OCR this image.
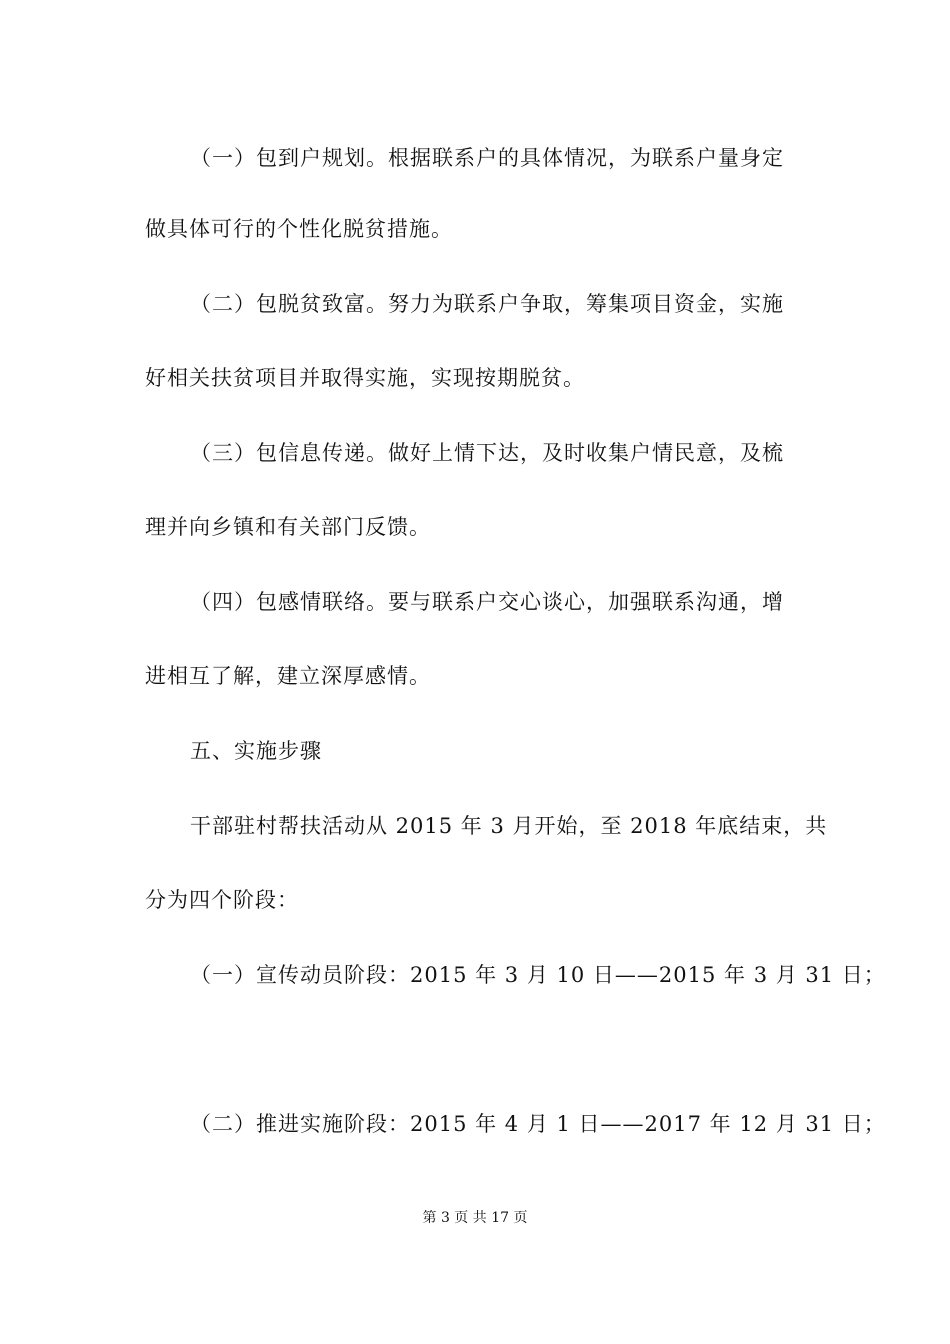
（一）包到户规划。根据联系户的具体情况，为联系户量身定
做具体可行的个性化脱贫措施。
（二）包脱贫致富。努力为联系户争取，筹集项目资金，实施
好相关扶贫项目并取得实施，实现按期脱贫。
（三）包信息传递。做好上情下达，及时收集户情民意，及梳
理并向乡镇和有关部门反馈。
（四）包感情联络。要与联系户交心谈心，加强联系沟通，增
进相互了解，建立深厚感情。
五、实施步骤
干部驻村帮扶活动从 2015 年 3 月开始，至 2018 年底结束，共
分为四个阶段：
（一）宣传动员阶段：2015 年 3 月 10 日——2015 年 3 月 31 日；
（二）推进实施阶段：2015 年 4 月 1 日——2017 年 12 月 31 日；
第 3 页 共 17 页
